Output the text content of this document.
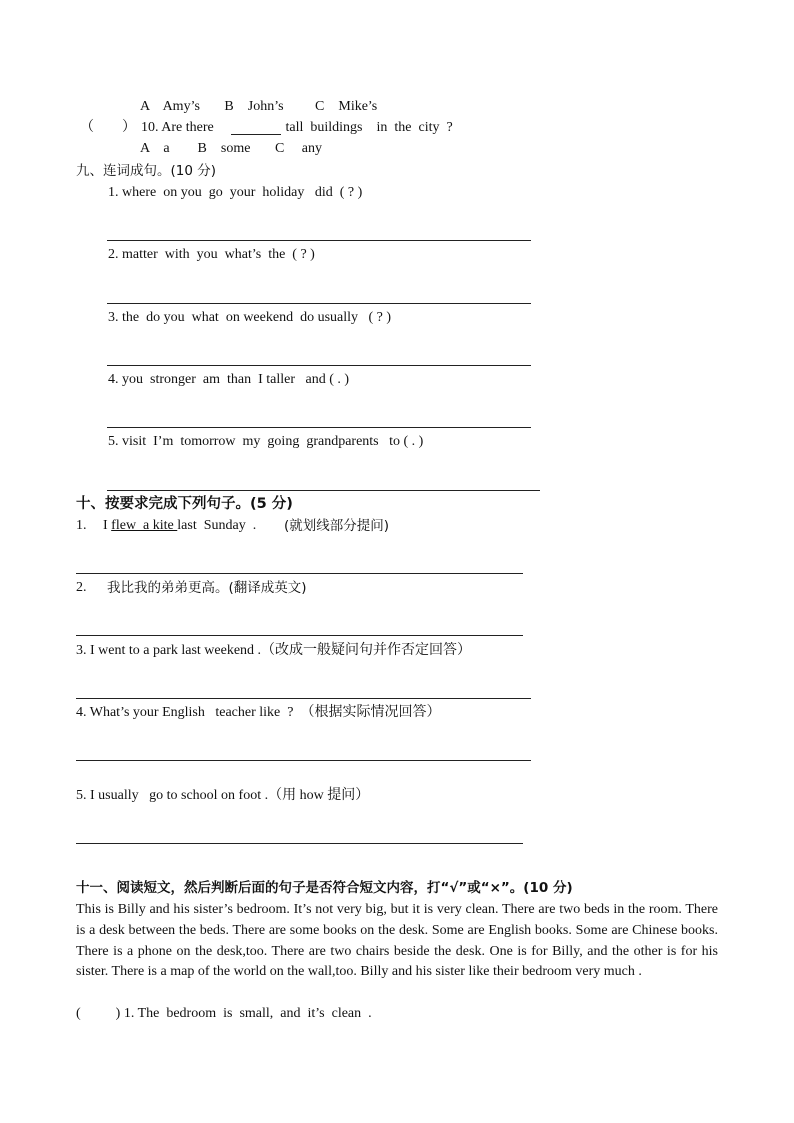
A    Amy’s       B    John’s         C    Mike’s
（        ） 10. Are there	tall  buildings    in  the  city  ?
A    a        B    some       C     any
九、连词成句。(10 分)
1. where  on you  go  your  holiday   did  ( ? )
2. matter  with  you  what’s  the  ( ? )
3. the  do you  what  on weekend  do usually   ( ? )
4. you  stronger  am  than  I taller   and ( . )
5. visit  I’m  tomorrow  my  going  grandparents   to ( . )
十、按要求完成下列句子。(5 分)
1. I flew  a kite last  Sunday  . (就划线部分提问)
2. 我比我的弟弟更高。(翻译成英文)
3. I went to a park last weekend .（改成一般疑问句并作否定回答）
4. What’s your English   teacher like  ?  （根据实际情况回答）
5. I usually   go to school on foot .（用 how 提问）
十一、阅读短文，然后判断后面的句子是否符合短文内容，打“√”或“×”。(10 分)
This is Billy and his sister’s bedroom. It’s not very big, but it is very clean. There are two beds in the room. There is a desk between the beds. There are some books on the desk. Some are English books. Some are Chinese books. There is a phone on the desk,too. There are two chairs beside the desk. One is for Billy, and the other is for his sister. There is a map of the world on the wall,too. Billy and his sister like their bedroom very much .
(          ) 1. The  bedroom  is  small,  and  it’s  clean  .
